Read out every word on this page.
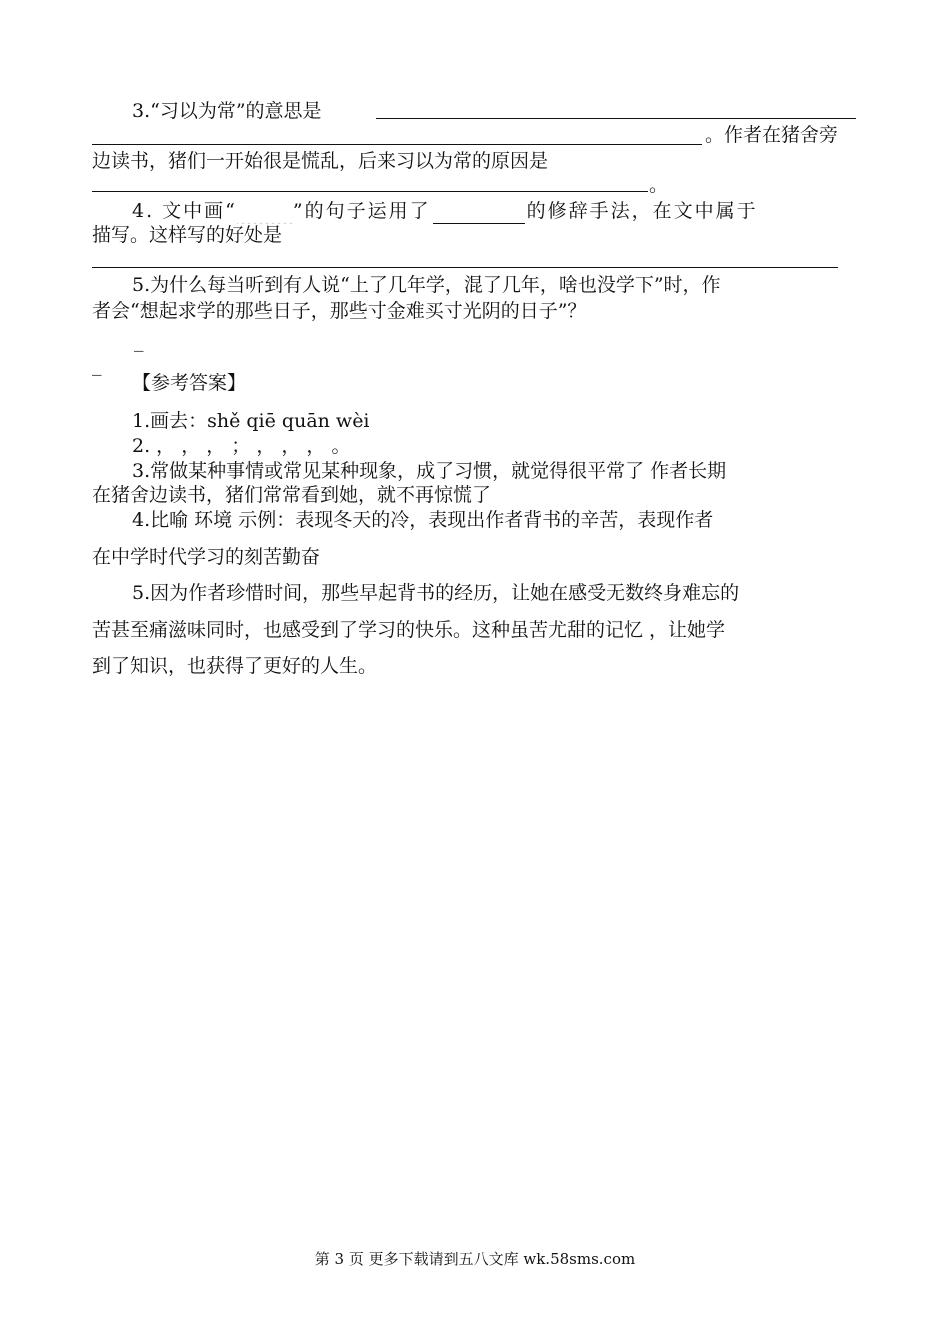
3.“习以为常”的意思是
。作者在猪舍旁
边读书，猪们一开始很是慌乱，后来习以为常的原因是
。
4. 文中画“	”的句子运用了	的修辞手法，在文中属于
描写。这样写的好处是
5.为什么每当听到有人说“上了几年学，混了几年，啥也没学下”时，作
者会“想起求学的那些日子，那些寸金难买寸光阴的日子”？
_
_
【参考答案】
1.画去：shě qiē quān wèi
2. ， ， ， ； ， ， ， 。
3.常做某种事情或常见某种现象，成了习惯，就觉得很平常了 作者长期
在猪舍边读书，猪们常常看到她，就不再惊慌了
4.比喻 环境 示例：表现冬天的冷，表现出作者背书的辛苦，表现作者
在中学时代学习的刻苦勤奋
5.因为作者珍惜时间，那些早起背书的经历，让她在感受无数终身难忘的
苦甚至痛滋味同时，也感受到了学习的快乐。这种虽苦尤甜的记忆 ，让她学
到了知识，也获得了更好的人生。
第 3 页 更多下载请到五八文库 wk.58sms.com
